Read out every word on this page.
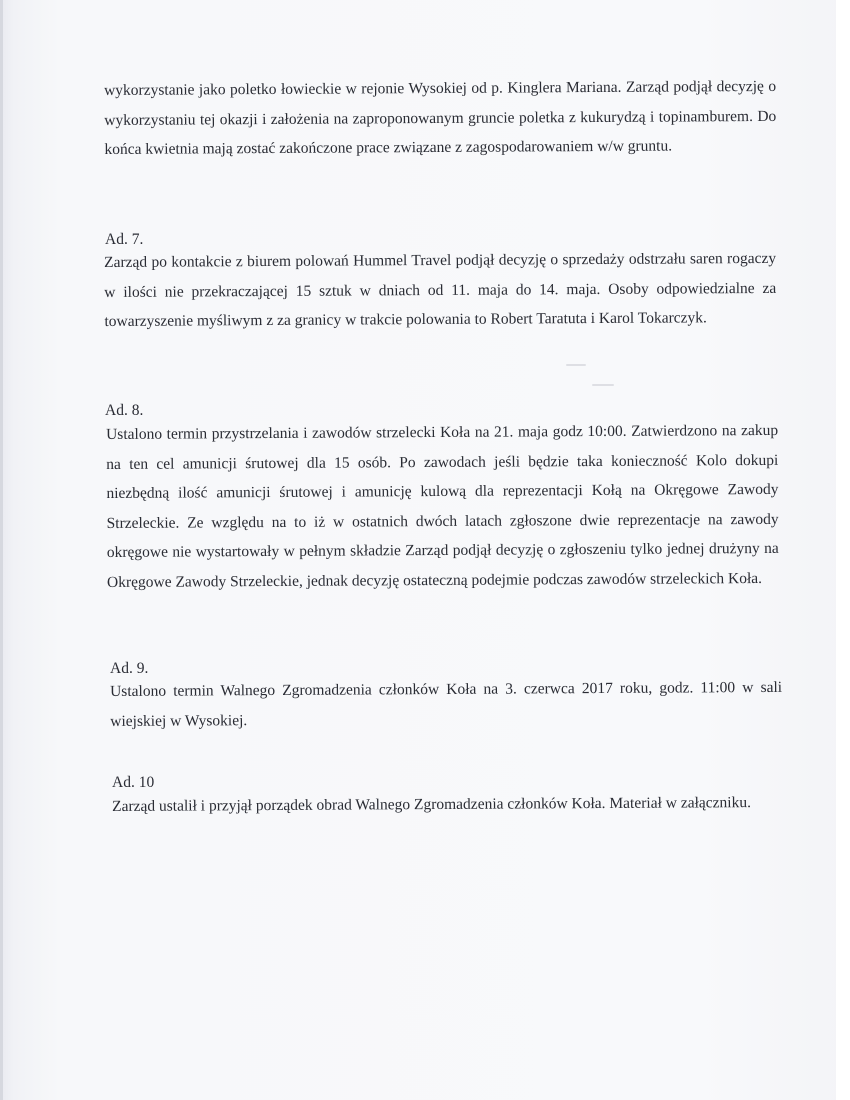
wykorzystanie jako poletko łowieckie w rejonie Wysokiej od p. Kinglera Mariana. Zarząd podjął decyzję o wykorzystaniu tej okazji i założenia na zaproponowanym gruncie poletka z kukurydzą i topinamburem. Do końca kwietnia mają zostać zakończone prace związane z zagospodarowaniem w/w gruntu.

Ad. 7.

Zarząd po kontakcie z biurem polowań Hummel Travel podjął decyzję o sprzedaży odstrzału saren rogaczy w ilości nie przekraczającej 15 sztuk w dniach od 11. maja do 14. maja. Osoby odpowiedzialne za towarzyszenie myśliwym z za granicy w trakcie polowania to Robert Taratuta i Karol Tokarczyk.

Ad. 8.

Ustalono termin przystrzelania i zawodów strzelecki Koła na 21. maja godz 10:00. Zatwierdzono na zakup na ten cel amunicji śrutowej dla 15 osób. Po zawodach jeśli będzie taka konieczność Kolo dokupi niezbędną ilość amunicji śrutowej i amunicję kulową dla reprezentacji Kołą na Okręgowe Zawody Strzeleckie. Ze względu na to iż w ostatnich dwóch latach zgłoszone dwie reprezentacje na zawody okręgowe nie wystartowały w pełnym składzie Zarząd podjął decyzję o zgłoszeniu tylko jednej drużyny na Okręgowe Zawody Strzeleckie, jednak decyzję ostateczną podejmie podczas zawodów strzeleckich Koła.

Ad. 9.

Ustalono termin Walnego Zgromadzenia członków Koła na 3. czerwca 2017 roku, godz. 11:00 w sali wiejskiej w Wysokiej.

Ad. 10

Zarząd ustalił i przyjął porządek obrad Walnego Zgromadzenia członków Koła. Materiał w załączniku.
